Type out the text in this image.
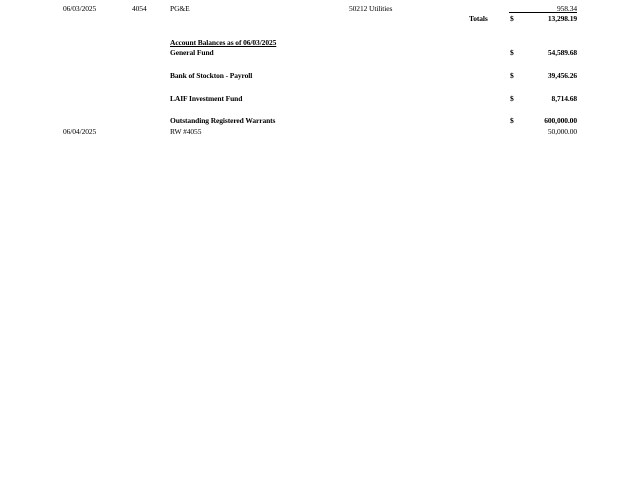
06/03/2025	4054	PG&E	50212 Utilities	958.34
Totals	$	13,298.19
Account Balances as of 06/03/2025
General Fund	$	54,589.68
Bank of Stockton - Payroll	$	39,456.26
LAIF Investment Fund	$	8,714.68
Outstanding Registered Warrants	$	600,000.00
06/04/2025	RW #4055	50,000.00
